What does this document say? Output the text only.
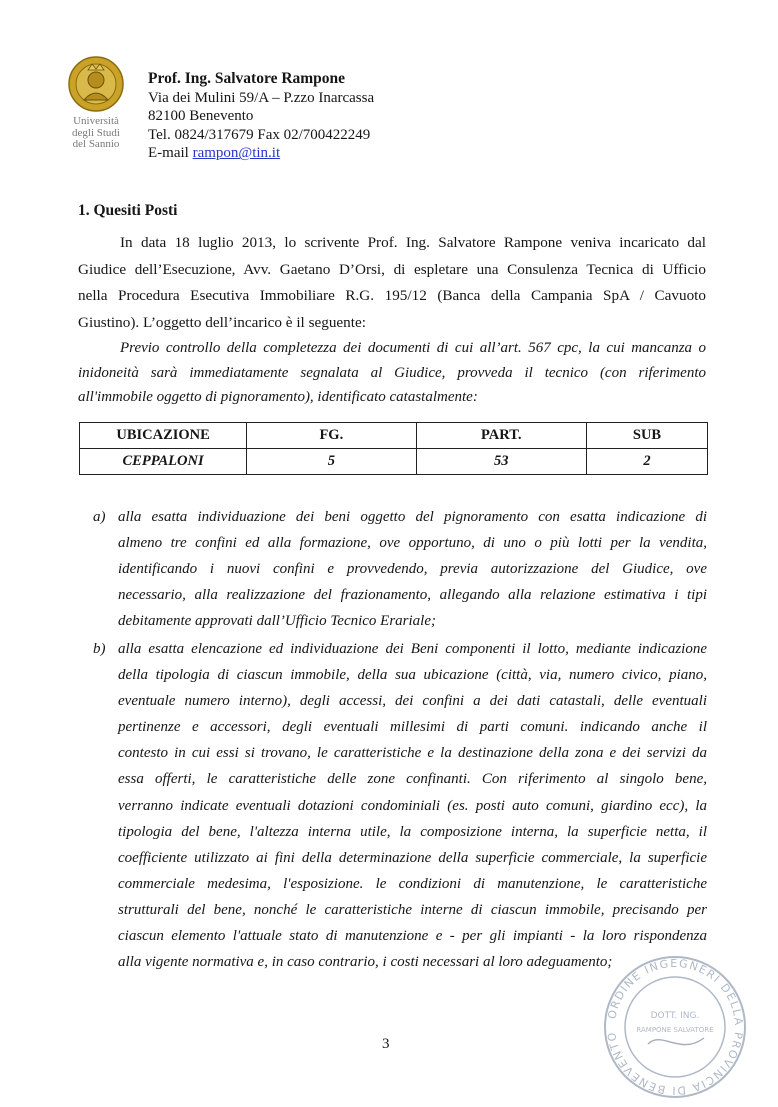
Università
degli Studi
del Sannio
Prof. Ing. Salvatore Rampone
Via dei Mulini 59/A – P.zzo Inarcassa
82100 Benevento
Tel. 0824/317679 Fax 02/700422249
E-mail rampon@tin.it
1. Quesiti Posti
In data 18 luglio 2013, lo scrivente Prof. Ing. Salvatore Rampone veniva incaricato dal
Giudice dell’Esecuzione, Avv. Gaetano D’Orsi, di espletare una Consulenza Tecnica di Ufficio
nella Procedura Esecutiva Immobiliare R.G. 195/12 (Banca della Campania SpA / Cavuoto
Giustino). L’oggetto dell’incarico è il seguente:
Previo controllo della completezza dei documenti di cui all’art. 567 cpc, la cui mancanza o
inidoneità sarà immediatamente segnalata al Giudice, provveda il tecnico (con riferimento
all'immobile oggetto di pignoramento), identificato catastalmente:
UBICAZIONE	FG.	PART.	SUB
CEPPALONI	5	53	2
a) alla esatta individuazione dei beni oggetto del pignoramento con esatta indicazione di
almeno tre confini ed alla formazione, ove opportuno, di uno o più lotti per la vendita,
identificando i nuovi confini e provvedendo, previa autorizzazione del Giudice, ove
necessario, alla realizzazione del frazionamento, allegando alla relazione estimativa i tipi
debitamente approvati dall’Ufficio Tecnico Erariale;
b) alla esatta elencazione ed individuazione dei Beni componenti il lotto, mediante indicazione
della tipologia di ciascun immobile, della sua ubicazione (città, via, numero civico, piano,
eventuale numero interno), degli accessi, dei confini a dei dati catastali, delle eventuali
pertinenze e accessori, degli eventuali millesimi di parti comuni. indicando anche il
contesto in cui essi si trovano, le caratteristiche e la destinazione della zona e dei servizi da
essa offerti, le caratteristiche delle zone confinanti. Con riferimento al singolo bene,
verranno indicate eventuali dotazioni condominiali (es. posti auto comuni, giardino ecc), la
tipologia del bene, l'altezza interna utile, la composizione interna, la superficie netta, il
coefficiente utilizzato ai fini della determinazione della superficie commerciale, la superficie
commerciale medesima, l'esposizione. le condizioni di manutenzione, le caratteristiche
strutturali del bene, nonché le caratteristiche interne di ciascun immobile, precisando per
ciascun elemento l'attuale stato di manutenzione e - per gli impianti - la loro rispondenza
alla vigente normativa e, in caso contrario, i costi necessari al loro adeguamento;
3
ORDINE INGEGNERI DELLA PROVINCIA DI BENEVENTO
DOTT. ING.
RAMPONE SALVATORE
